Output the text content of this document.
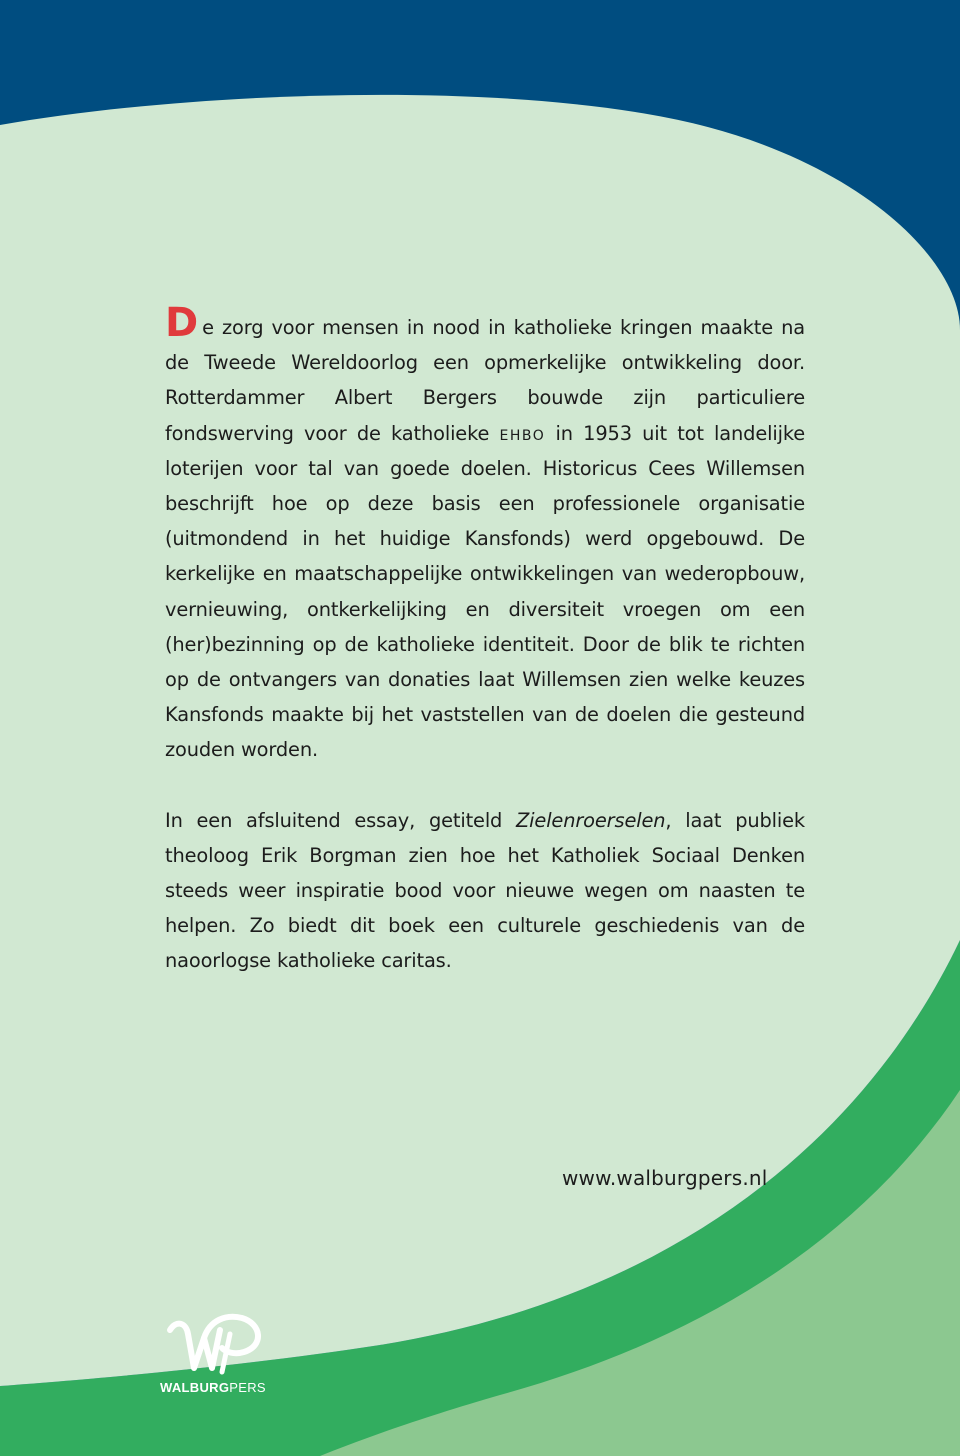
De zorg voor mensen in nood in katholieke kringen maakte na de Tweede Wereldoorlog een opmerkelijke ontwikkeling door. Rotterdammer Albert Bergers bouwde zijn particuliere fondswerving voor de katholieke ehbo in 1953 uit tot landelijke loterijen voor tal van goede doelen. Historicus Cees Willemsen beschrijft hoe op deze basis een professionele organisatie (uitmondend in het huidige Kansfonds) werd opgebouwd. De kerkelijke en maatschappelijke ontwikkelingen van wederopbouw, vernieuwing, ontkerkelijking en diversiteit vroegen om een (her)bezinning op de katholieke identiteit. Door de blik te richten op de ontvangers van donaties laat Willemsen zien welke keuzes Kansfonds maakte bij het vaststellen van de doelen die gesteund zouden worden.

In een afsluitend essay, getiteld Zielenroerselen, laat publiek theoloog Erik Borgman zien hoe het Katholiek Sociaal Denken steeds weer inspiratie bood voor nieuwe wegen om naasten te helpen. Zo biedt dit boek een culturele geschiedenis van de naoorlogse katholieke caritas.

www.walburgpers.nl
WALBURGPERS
